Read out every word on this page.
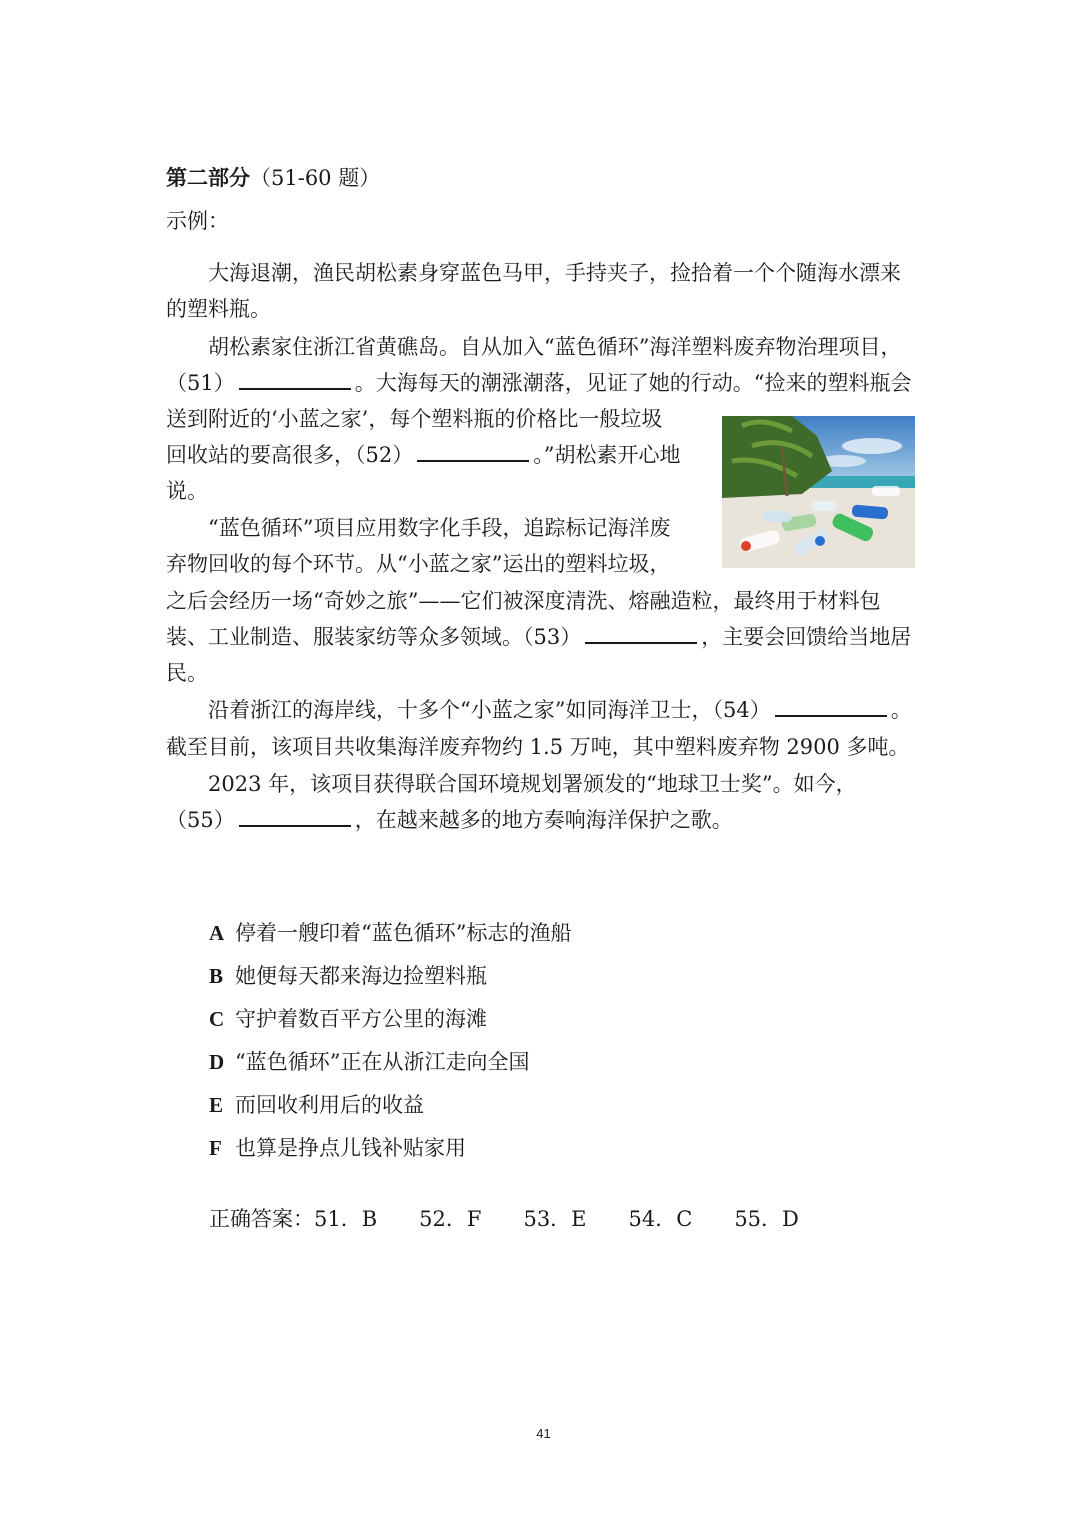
第二部分（51-60 题）
示例：
大海退潮，渔民胡松素身穿蓝色马甲，手持夹子，捡拾着一个个随海水漂来
的塑料瓶。
胡松素家住浙江省黄礁岛。自从加入“蓝色循环”海洋塑料废弃物治理项目，
（51）	。大海每天的潮涨潮落，见证了她的行动。“捡来的塑料瓶会
送到附近的‘小蓝之家’，每个塑料瓶的价格比一般垃圾
回收站的要高很多，（52）	。”胡松素开心地
说。
“蓝色循环”项目应用数字化手段，追踪标记海洋废
弃物回收的每个环节。从“小蓝之家”运出的塑料垃圾，
之后会经历一场“奇妙之旅”——它们被深度清洗、熔融造粒，最终用于材料包
装、工业制造、服装家纺等众多领域。（53）	，主要会回馈给当地居
民。
沿着浙江的海岸线，十多个“小蓝之家”如同海洋卫士，（54）	。
截至目前，该项目共收集海洋废弃物约 1.5 万吨，其中塑料废弃物 2900 多吨。
2023 年，该项目获得联合国环境规划署颁发的“地球卫士奖”。如今，
（55）	，在越来越多的地方奏响海洋保护之歌。
A 停着一艘印着“蓝色循环”标志的渔船
B 她便每天都来海边捡塑料瓶
C 守护着数百平方公里的海滩
D “蓝色循环”正在从浙江走向全国
E 而回收利用后的收益
F 也算是挣点儿钱补贴家用
正确答案：51．B 52．F 53．E 54．C 55．D
41
